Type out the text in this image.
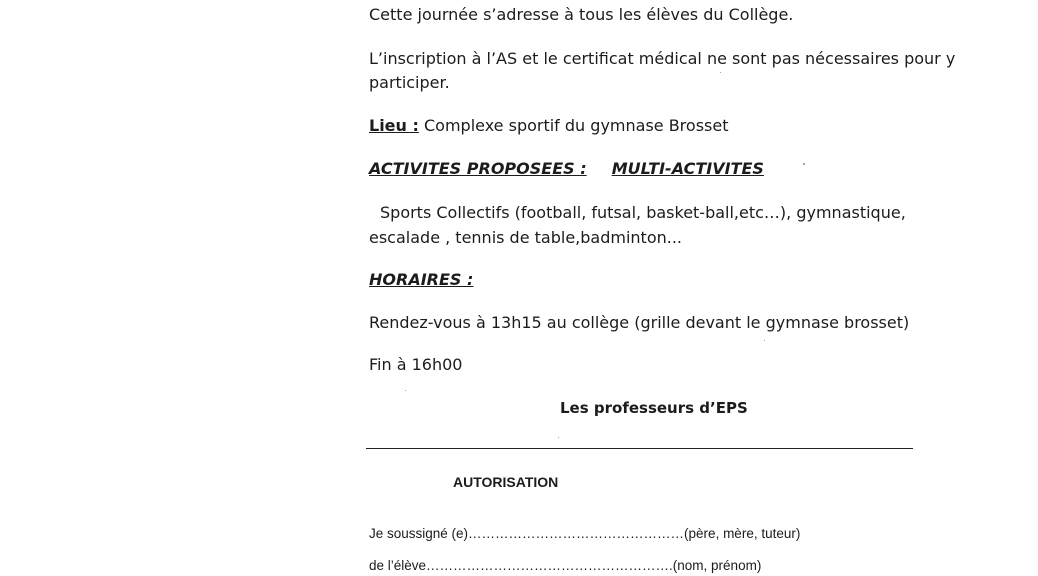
Cette journée s’adresse à tous les élèves du Collège.
L’inscription à l’AS et le certificat médical ne sont pas nécessaires pour y
participer.
Lieu : Complexe sportif du gymnase Brosset
ACTIVITES PROPOSEES : MULTI-ACTIVITES
Sports Collectifs (football, futsal, basket-ball,etc…), gymnastique,
escalade , tennis de table,badminton...
HORAIRES :
Rendez-vous à 13h15 au collège (grille devant le gymnase brosset)
Fin à 16h00
Les professeurs d’EPS
AUTORISATION
Je soussigné (e)…………………………………………(père, mère, tuteur)
de l’élève……………………………………………….(nom, prénom)
